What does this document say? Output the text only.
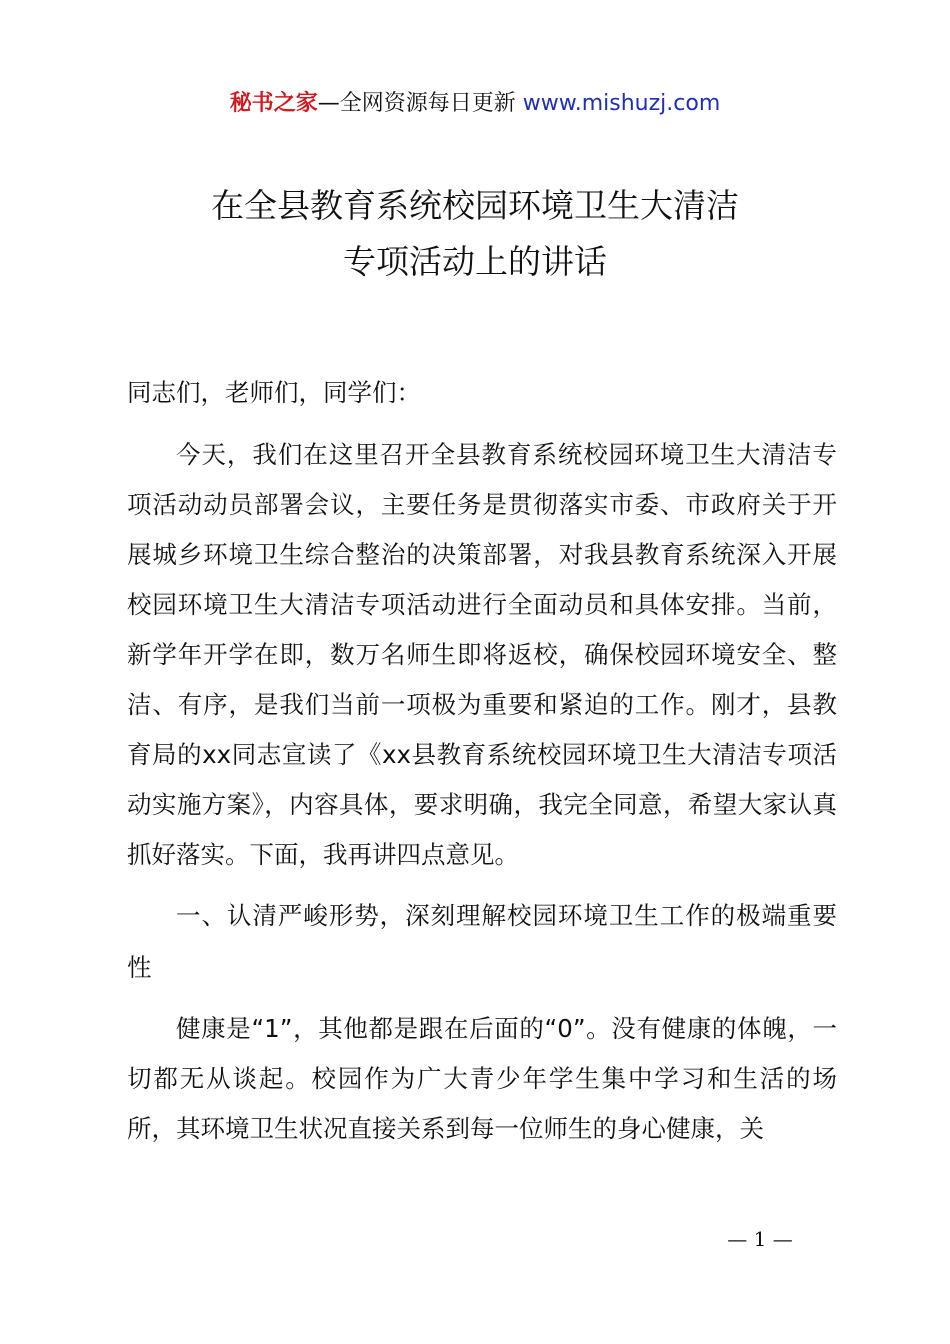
秘书之家—全网资源每日更新 www.mishuzj.com
在全县教育系统校园环境卫生大清洁
专项活动上的讲话
同志们，老师们，同学们：
今天，我们在这里召开全县教育系统校园环境卫生大清洁专项活动动员部署会议，主要任务是贯彻落实市委、市政府关于开展城乡环境卫生综合整治的决策部署，对我县教育系统深入开展校园环境卫生大清洁专项活动进行全面动员和具体安排。当前，新学年开学在即，数万名师生即将返校，确保校园环境安全、整洁、有序，是我们当前一项极为重要和紧迫的工作。刚才，县教育局的xx同志宣读了《xx县教育系统校园环境卫生大清洁专项活动实施方案》，内容具体，要求明确，我完全同意，希望大家认真抓好落实。下面，我再讲四点意见。
一、认清严峻形势，深刻理解校园环境卫生工作的极端重要性
健康是“1”，其他都是跟在后面的“0”。没有健康的体魄，一切都无从谈起。校园作为广大青少年学生集中学习和生活的场所，其环境卫生状况直接关系到每一位师生的身心健康，关
— 1 —
